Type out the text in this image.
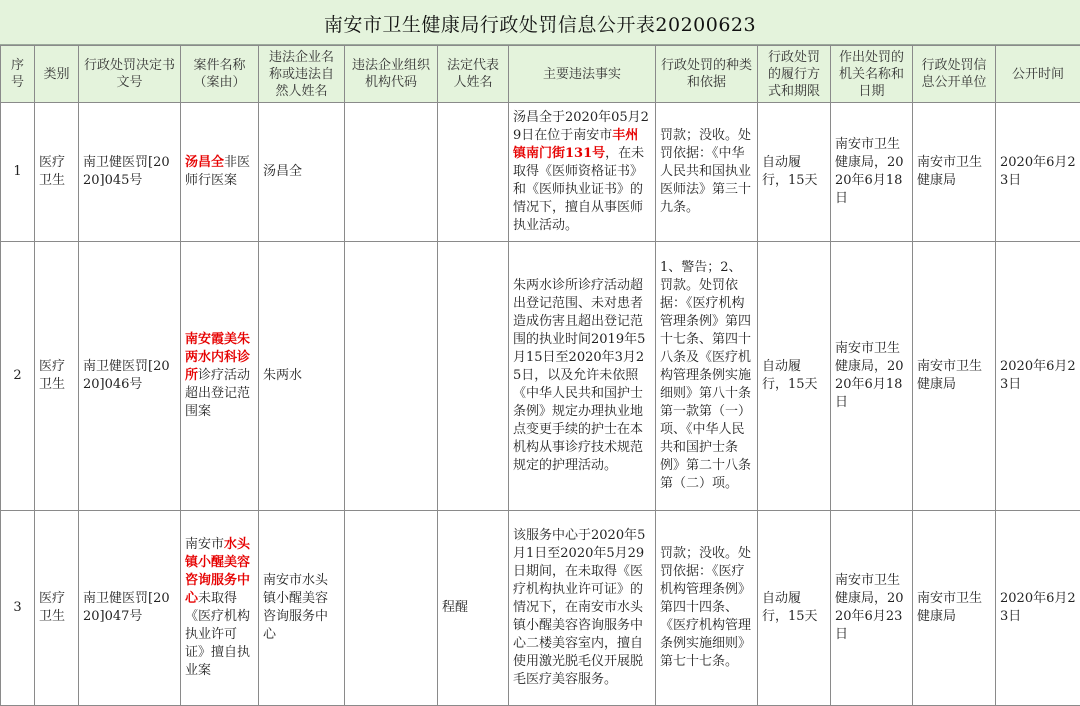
南安市卫生健康局行政处罚信息公开表20200623
序号	类别	行政处罚决定书文号	案件名称（案由）	违法企业名称或违法自然人姓名	违法企业组织机构代码	法定代表人姓名	主要违法事实	行政处罚的种类和依据	行政处罚的履行方式和期限	作出处罚的机关名称和日期	行政处罚信息公开单位	公开时间
1	医疗卫生	南卫健医罚[2020]045号	汤昌全非医师行医案	汤昌全			汤昌全于2020年05月29日在位于南安市丰州镇南门街131号，在未取得《医师资格证书》和《医师执业证书》的情况下，擅自从事医师执业活动。	罚款；没收。处罚依据：《中华人民共和国执业医师法》第三十九条。	自动履行，15天	南安市卫生健康局，2020年6月18日	南安市卫生健康局	2020年6月23日
2	医疗卫生	南卫健医罚[2020]046号	南安霞美朱两水内科诊所诊疗活动超出登记范围案	朱两水			朱两水诊所诊疗活动超出登记范围、未对患者造成伤害且超出登记范围的执业时间2019年5月15日至2020年3月25日，以及允许未依照《中华人民共和国护士条例》规定办理执业地点变更手续的护士在本机构从事诊疗技术规范规定的护理活动。	1、警告；2、罚款。处罚依据：《医疗机构管理条例》第四十七条、第四十八条及《医疗机构管理条例实施细则》第八十条第一款第（一）项、《中华人民共和国护士条例》第二十八条第（二）项。	自动履行，15天	南安市卫生健康局，2020年6月18日	南安市卫生健康局	2020年6月23日
3	医疗卫生	南卫健医罚[2020]047号	南安市水头镇小醒美容咨询服务中心未取得《医疗机构执业许可证》擅自执业案	南安市水头镇小醒美容咨询服务中心		程醒	该服务中心于2020年5月1日至2020年5月29日期间，在未取得《医疗机构执业许可证》的情况下，在南安市水头镇小醒美容咨询服务中心二楼美容室内，擅自使用激光脱毛仪开展脱毛医疗美容服务。	罚款；没收。处罚依据：《医疗机构管理条例》第四十四条、《医疗机构管理条例实施细则》第七十七条。	自动履行，15天	南安市卫生健康局，2020年6月23日	南安市卫生健康局	2020年6月23日
